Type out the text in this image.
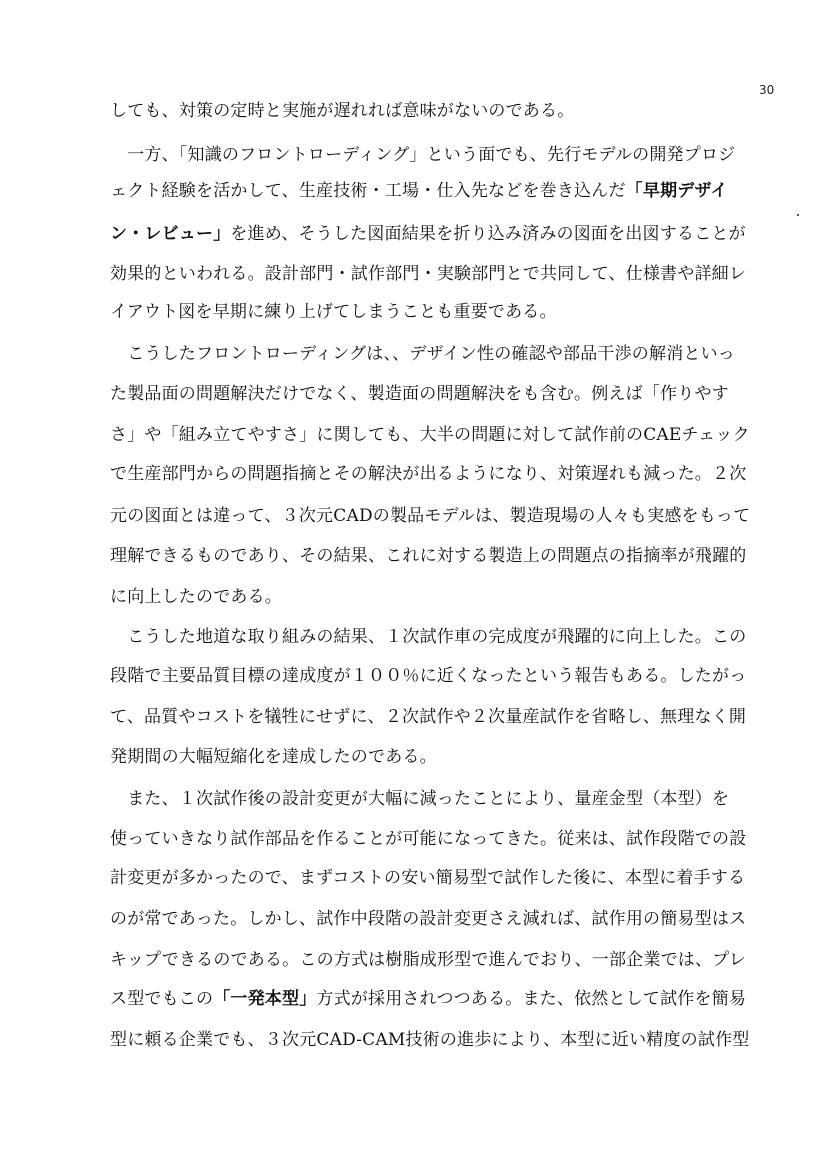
30
しても、対策の定時と実施が遅れれば意味がないのである。
　一方、「知識のフロントローディング」という面でも、先行モデルの開発プロジ
ェクト経験を活かして、生産技術・工場・仕入先などを巻き込んだ「早期デザイ
ン・レビュー」を進め、そうした図面結果を折り込み済みの図面を出図することが
効果的といわれる。設計部門・試作部門・実験部門とで共同して、仕様書や詳細レ
イアウト図を早期に練り上げてしまうことも重要である。
　こうしたフロントローディングは、、デザイン性の確認や部品干渉の解消といっ
た製品面の問題解決だけでなく、製造面の問題解決をも含む。例えば「作りやす
さ」や「組み立てやすさ」に関しても、大半の問題に対して試作前のCAEチェック
で生産部門からの問題指摘とその解決が出るようになり、対策遅れも減った。２次
元の図面とは違って、３次元CADの製品モデルは、製造現場の人々も実感をもって
理解できるものであり、その結果、これに対する製造上の問題点の指摘率が飛躍的
に向上したのである。
　こうした地道な取り組みの結果、１次試作車の完成度が飛躍的に向上した。この
段階で主要品質目標の達成度が１００％に近くなったという報告もある。したがっ
て、品質やコストを犠牲にせずに、２次試作や２次量産試作を省略し、無理なく開
発期間の大幅短縮化を達成したのである。
　また、１次試作後の設計変更が大幅に減ったことにより、量産金型（本型）を
使っていきなり試作部品を作ることが可能になってきた。従来は、試作段階での設
計変更が多かったので、まずコストの安い簡易型で試作した後に、本型に着手する
のが常であった。しかし、試作中段階の設計変更さえ減れば、試作用の簡易型はス
キップできるのである。この方式は樹脂成形型で進んでおり、一部企業では、プレ
ス型でもこの「一発本型」方式が採用されつつある。また、依然として試作を簡易
型に頼る企業でも、３次元CAD-CAM技術の進歩により、本型に近い精度の試作型
